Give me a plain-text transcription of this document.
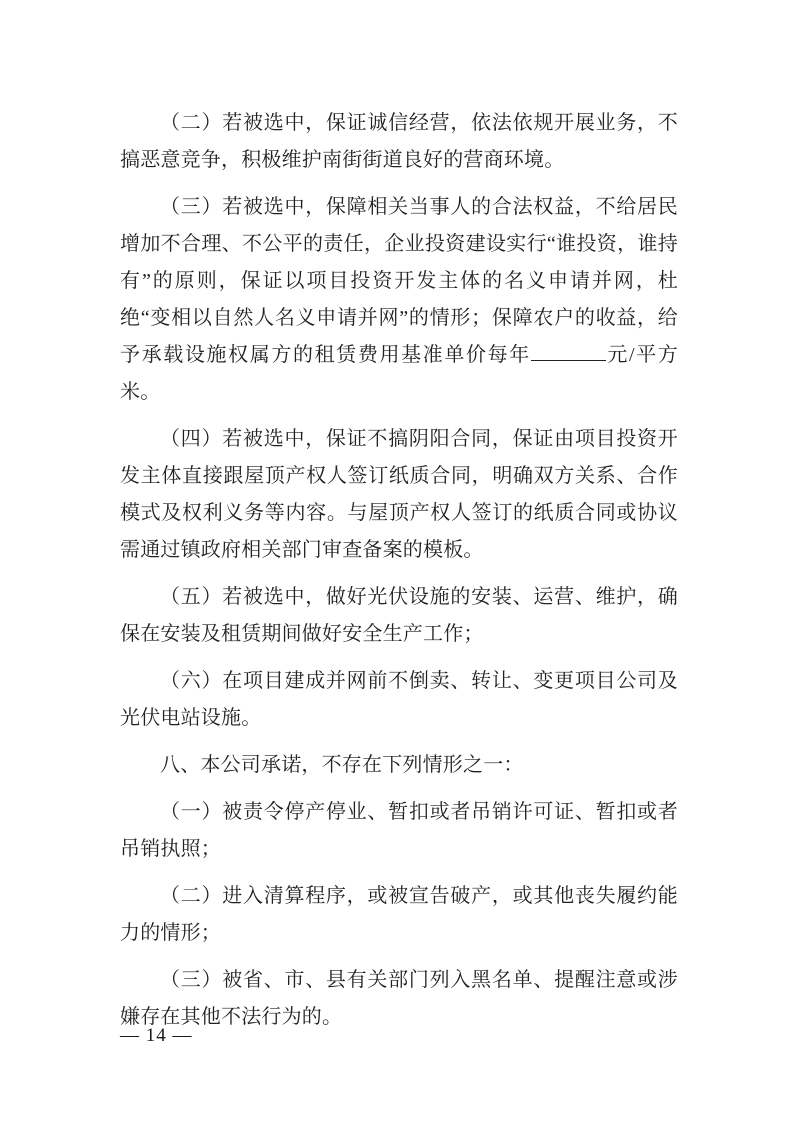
（二）若被选中，保证诚信经营，依法依规开展业务，不搞恶意竞争，积极维护南街街道良好的营商环境。

（三）若被选中，保障相关当事人的合法权益，不给居民增加不合理、不公平的责任，企业投资建设实行“谁投资，谁持有”的原则，保证以项目投资开发主体的名义申请并网，杜绝“变相以自然人名义申请并网”的情形；保障农户的收益，给予承载设施权属方的租赁费用基准单价每年	元/平方米。

（四）若被选中，保证不搞阴阳合同，保证由项目投资开发主体直接跟屋顶产权人签订纸质合同，明确双方关系、合作模式及权利义务等内容。与屋顶产权人签订的纸质合同或协议需通过镇政府相关部门审查备案的模板。

（五）若被选中，做好光伏设施的安装、运营、维护，确保在安装及租赁期间做好安全生产工作；

（六）在项目建成并网前不倒卖、转让、变更项目公司及光伏电站设施。

八、本公司承诺，不存在下列情形之一：

（一）被责令停产停业、暂扣或者吊销许可证、暂扣或者吊销执照；

（二）进入清算程序，或被宣告破产，或其他丧失履约能力的情形；

（三）被省、市、县有关部门列入黑名单、提醒注意或涉嫌存在其他不法行为的。

— 14 —
